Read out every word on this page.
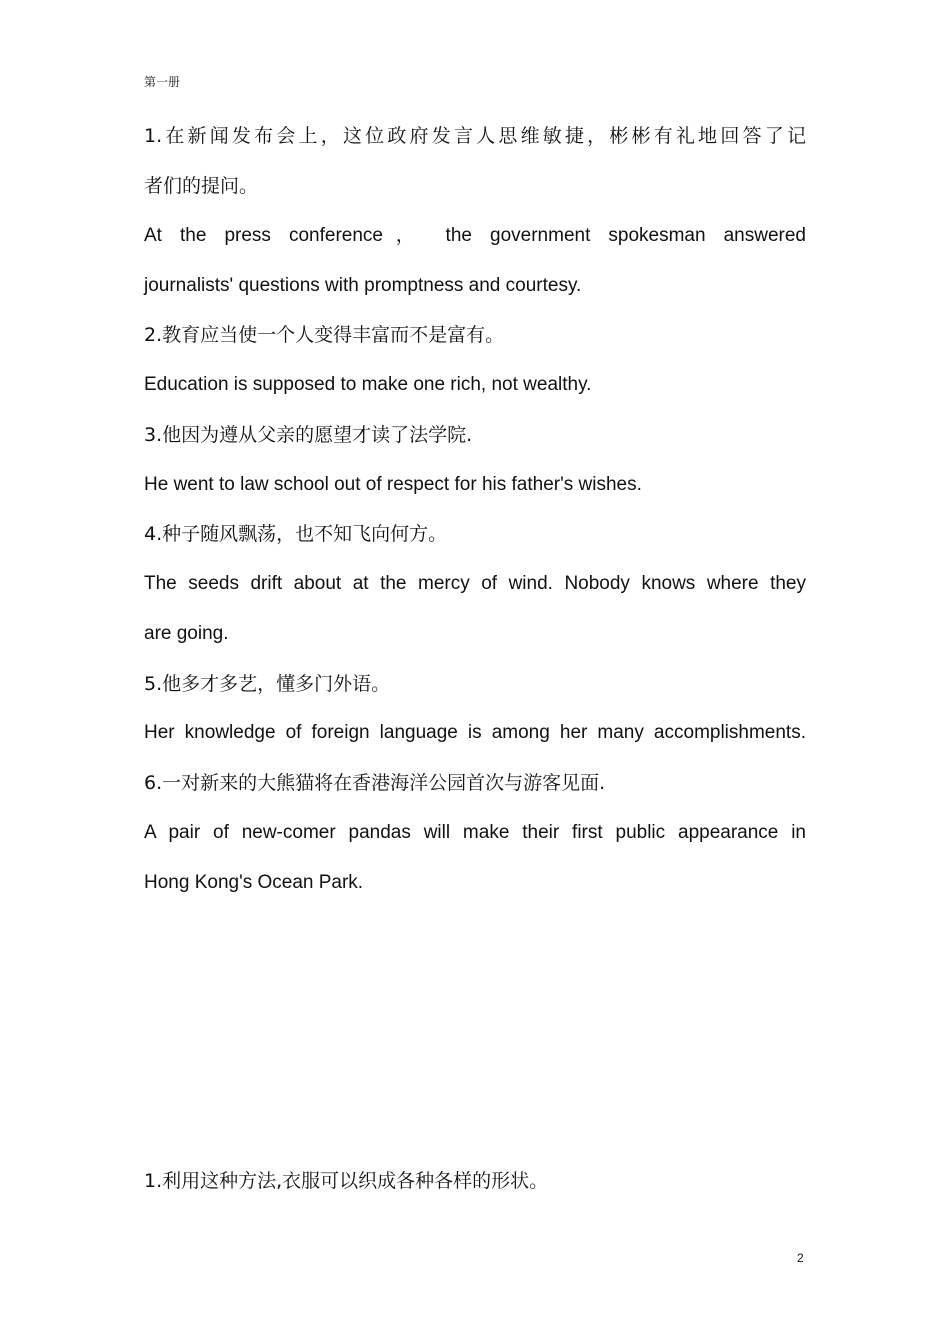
第一册
1.在新闻发布会上，这位政府发言人思维敏捷，彬彬有礼地回答了记
者们的提问。
At the press conference， the government spokesman answered
journalists' questions with promptness and courtesy.
2.教育应当使一个人变得丰富而不是富有。
Education is supposed to make one rich, not wealthy.
3.他因为遵从父亲的愿望才读了法学院.
He went to law school out of respect for his father's wishes.
4.种子随风飘荡，也不知飞向何方。
The seeds drift about at the mercy of wind. Nobody knows where they
are going.
5.他多才多艺，懂多门外语。
Her knowledge of foreign language is among her many accomplishments.
6.一对新来的大熊猫将在香港海洋公园首次与游客见面.
A pair of new-comer pandas will make their first public appearance in
Hong Kong's Ocean Park.
1.利用这种方法,衣服可以织成各种各样的形状。
2
